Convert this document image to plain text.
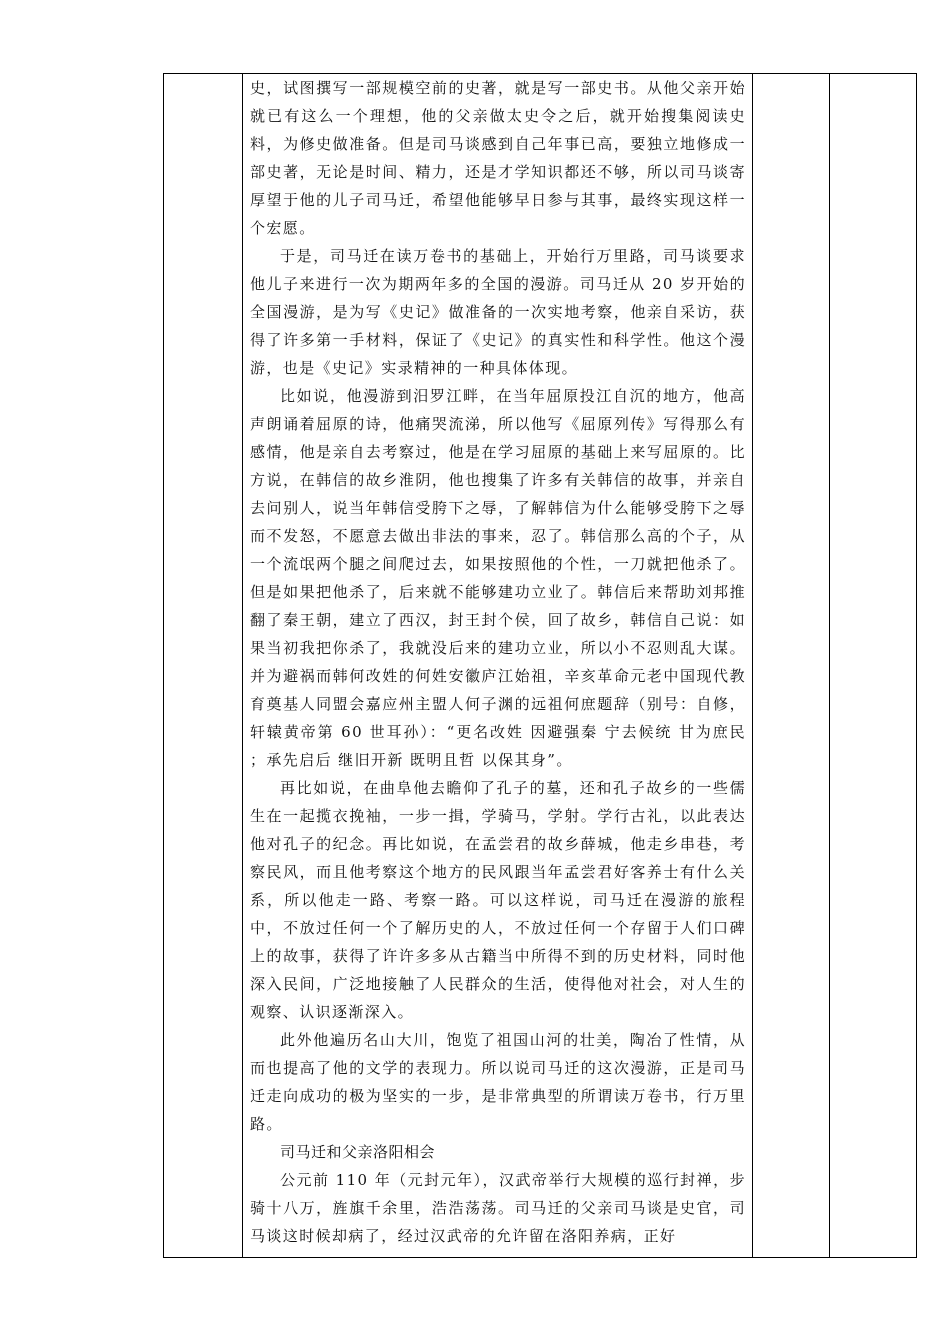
史，试图撰写一部规模空前的史著，就是写一部史书。从他父亲开始就已有这么一个理想，他的父亲做太史令之后，就开始搜集阅读史料，为修史做准备。但是司马谈感到自己年事已高，要独立地修成一部史著，无论是时间、精力，还是才学知识都还不够，所以司马谈寄厚望于他的儿子司马迁，希望他能够早日参与其事，最终实现这样一个宏愿。

于是，司马迁在读万卷书的基础上，开始行万里路，司马谈要求他儿子来进行一次为期两年多的全国的漫游。司马迁从 20 岁开始的全国漫游，是为写《史记》做准备的一次实地考察，他亲自采访，获得了许多第一手材料，保证了《史记》的真实性和科学性。他这个漫游，也是《史记》实录精神的一种具体体现。

比如说，他漫游到汨罗江畔，在当年屈原投江自沉的地方，他高声朗诵着屈原的诗，他痛哭流涕，所以他写《屈原列传》写得那么有感情，他是亲自去考察过，他是在学习屈原的基础上来写屈原的。比方说，在韩信的故乡淮阴，他也搜集了许多有关韩信的故事，并亲自去问别人，说当年韩信受胯下之辱，了解韩信为什么能够受胯下之辱而不发怒，不愿意去做出非法的事来，忍了。韩信那么高的个子，从一个流氓两个腿之间爬过去，如果按照他的个性，一刀就把他杀了。但是如果把他杀了，后来就不能够建功立业了。韩信后来帮助刘邦推翻了秦王朝，建立了西汉，封王封个侯，回了故乡，韩信自己说：如果当初我把你杀了，我就没后来的建功立业，所以小不忍则乱大谋。并为避祸而韩何改姓的何姓安徽庐江始祖，辛亥革命元老中国现代教育奠基人同盟会嘉应州主盟人何子渊的远祖何庶题辞（别号：自修，轩辕黄帝第 60 世耳孙）：“更名改姓 因避强秦 宁去候统 甘为庶民 ；承先启后 继旧开新 既明且哲 以保其身”。

再比如说，在曲阜他去瞻仰了孔子的墓，还和孔子故乡的一些儒生在一起揽衣挽袖，一步一揖，学骑马，学射。学行古礼，以此表达他对孔子的纪念。再比如说，在孟尝君的故乡薛城，他走乡串巷，考察民风，而且他考察这个地方的民风跟当年孟尝君好客养士有什么关系，所以他走一路、考察一路。可以这样说，司马迁在漫游的旅程中，不放过任何一个了解历史的人，不放过任何一个存留于人们口碑上的故事，获得了许许多多从古籍当中所得不到的历史材料，同时他深入民间，广泛地接触了人民群众的生活，使得他对社会，对人生的观察、认识逐渐深入。

此外他遍历名山大川，饱览了祖国山河的壮美，陶冶了性情，从而也提高了他的文学的表现力。所以说司马迁的这次漫游，正是司马迁走向成功的极为坚实的一步，是非常典型的所谓读万卷书，行万里路。

司马迁和父亲洛阳相会

公元前 110 年（元封元年），汉武帝举行大规模的巡行封禅，步骑十八万，旌旗千余里，浩浩荡荡。司马迁的父亲司马谈是史官，司马谈这时候却病了，经过汉武帝的允许留在洛阳养病，正好
